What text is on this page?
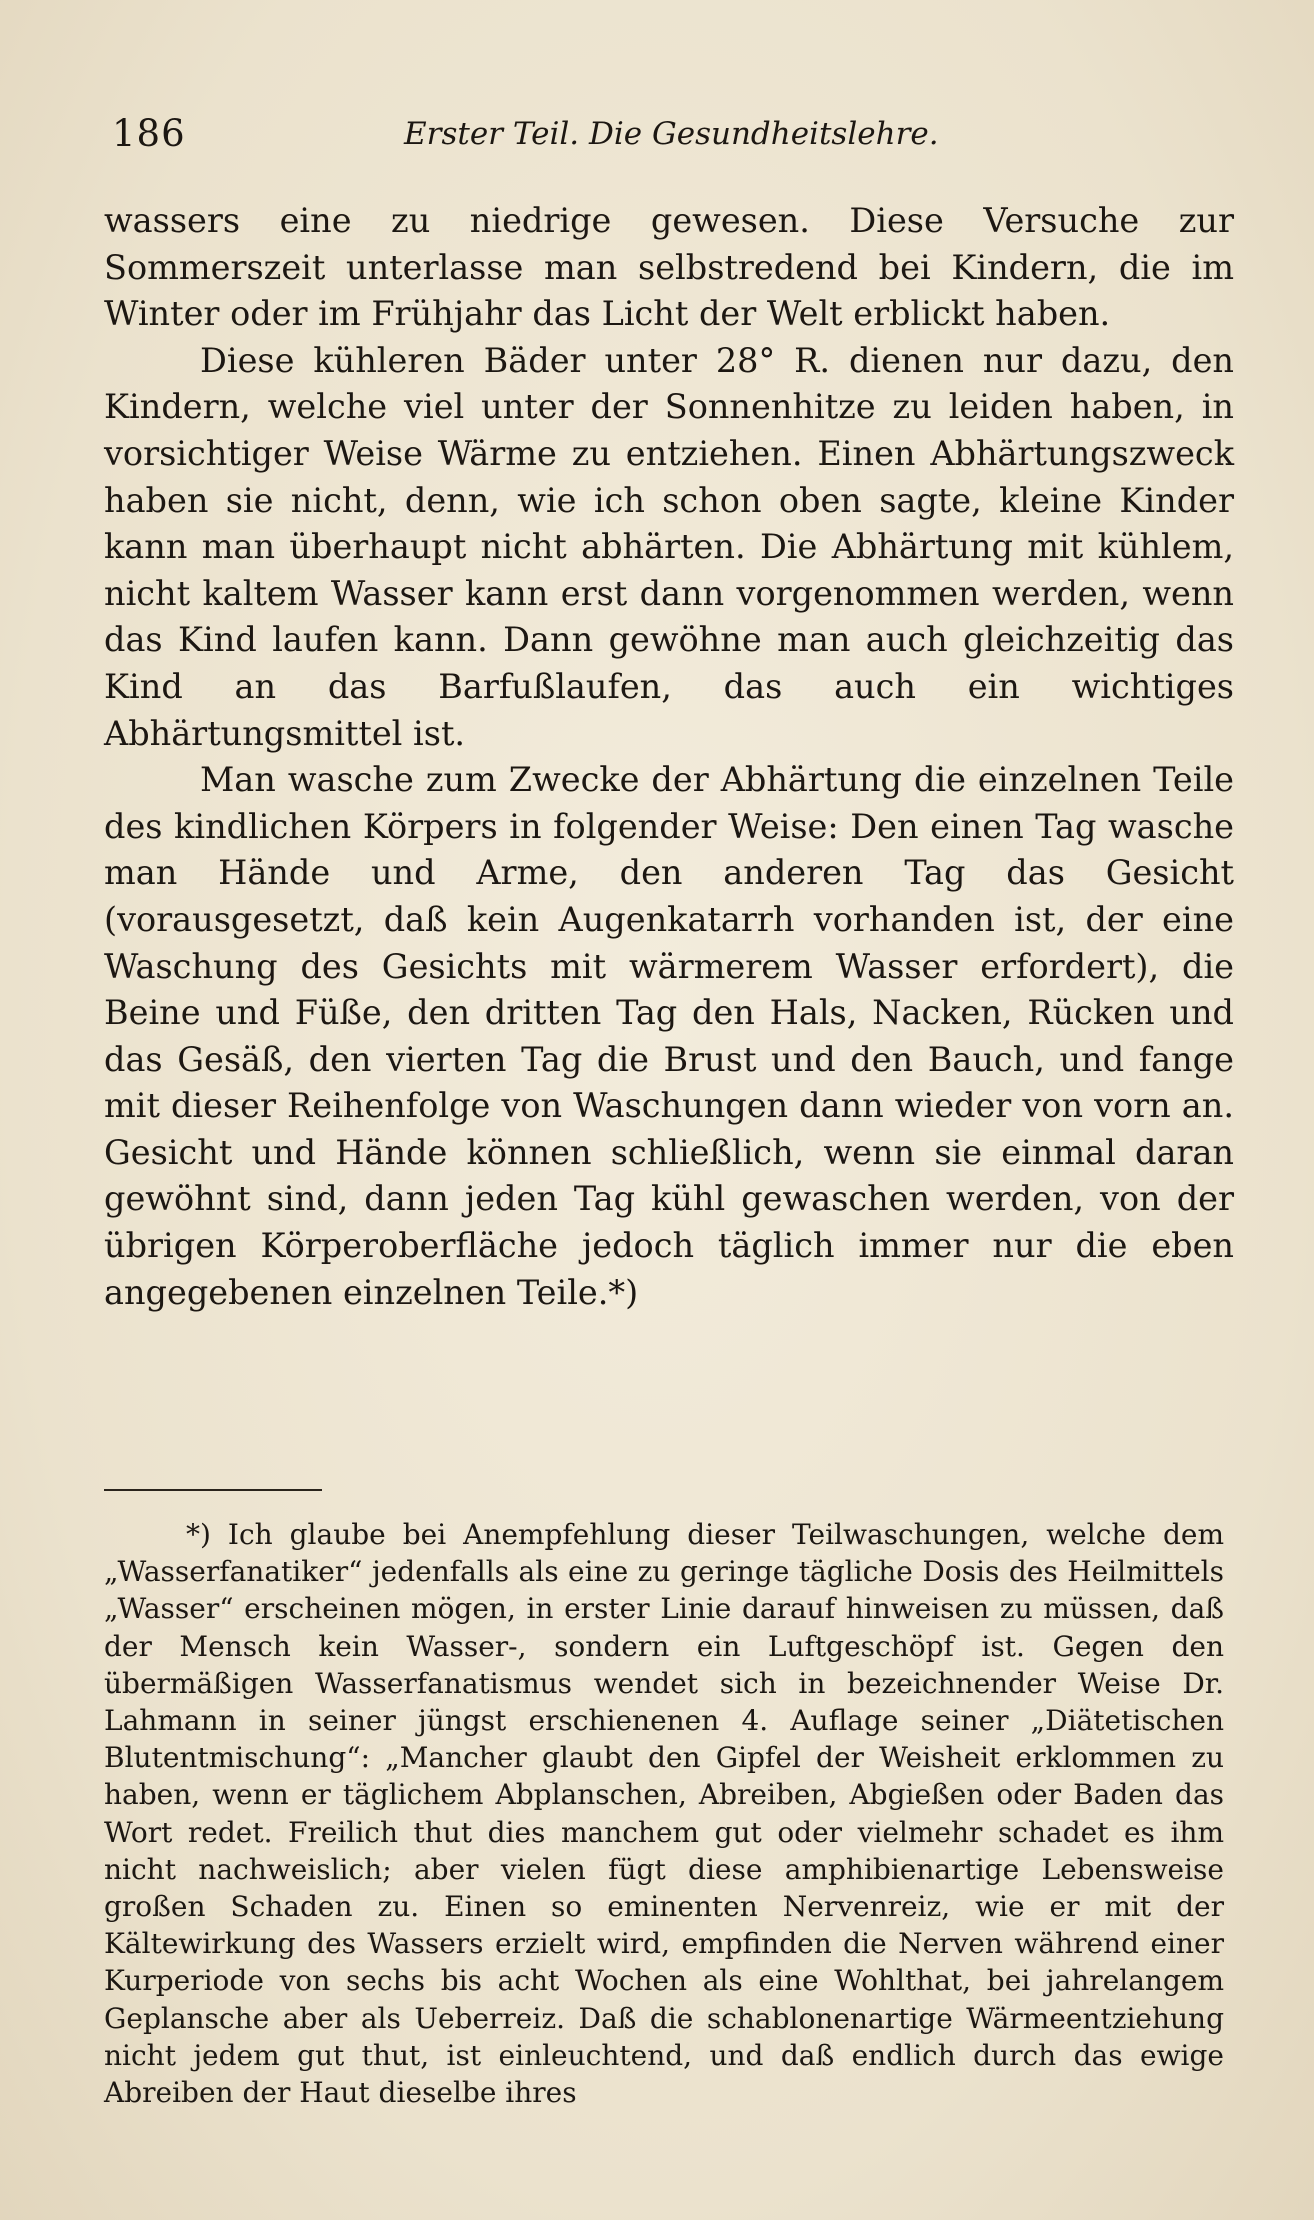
186	Erster Teil. Die Gesundheitslehre.

wassers eine zu niedrige gewesen. Diese Versuche zur Sommerszeit unterlasse man selbstredend bei Kindern, die im Winter oder im Frühjahr das Licht der Welt erblickt haben.

Diese kühleren Bäder unter 28° R. dienen nur dazu, den Kindern, welche viel unter der Sonnenhitze zu leiden haben, in vorsichtiger Weise Wärme zu entziehen. Einen Abhärtungszweck haben sie nicht, denn, wie ich schon oben sagte, kleine Kinder kann man überhaupt nicht abhärten. Die Abhärtung mit kühlem, nicht kaltem Wasser kann erst dann vorgenommen werden, wenn das Kind laufen kann. Dann gewöhne man auch gleichzeitig das Kind an das Barfußlaufen, das auch ein wichtiges Abhärtungsmittel ist.

Man wasche zum Zwecke der Abhärtung die einzelnen Teile des kindlichen Körpers in folgender Weise: Den einen Tag wasche man Hände und Arme, den anderen Tag das Gesicht (vorausgesetzt, daß kein Augenkatarrh vorhanden ist, der eine Waschung des Gesichts mit wärmerem Wasser erfordert), die Beine und Füße, den dritten Tag den Hals, Nacken, Rücken und das Gesäß, den vierten Tag die Brust und den Bauch, und fange mit dieser Reihenfolge von Waschungen dann wieder von vorn an. Gesicht und Hände können schließlich, wenn sie einmal daran gewöhnt sind, dann jeden Tag kühl gewaschen werden, von der übrigen Körperoberfläche jedoch täglich immer nur die eben angegebenen einzelnen Teile.*)

*) Ich glaube bei Anempfehlung dieser Teilwaschungen, welche dem „Wasserfanatiker“ jedenfalls als eine zu geringe tägliche Dosis des Heilmittels „Wasser“ erscheinen mögen, in erster Linie darauf hinweisen zu müssen, daß der Mensch kein Wasser-, sondern ein Luftgeschöpf ist. Gegen den übermäßigen Wasserfanatismus wendet sich in bezeichnender Weise Dr. Lahmann in seiner jüngst erschienenen 4. Auflage seiner „Diätetischen Blutentmischung“: „Mancher glaubt den Gipfel der Weisheit erklommen zu haben, wenn er täglichem Abplanschen, Abreiben, Abgießen oder Baden das Wort redet. Freilich thut dies manchem gut oder vielmehr schadet es ihm nicht nachweislich; aber vielen fügt diese amphibienartige Lebensweise großen Schaden zu. Einen so eminenten Nervenreiz, wie er mit der Kältewirkung des Wassers erzielt wird, empfinden die Nerven während einer Kurperiode von sechs bis acht Wochen als eine Wohlthat, bei jahrelangem Geplansche aber als Ueberreiz. Daß die schablonenartige Wärmeentziehung nicht jedem gut thut, ist einleuchtend, und daß endlich durch das ewige Abreiben der Haut dieselbe ihres
